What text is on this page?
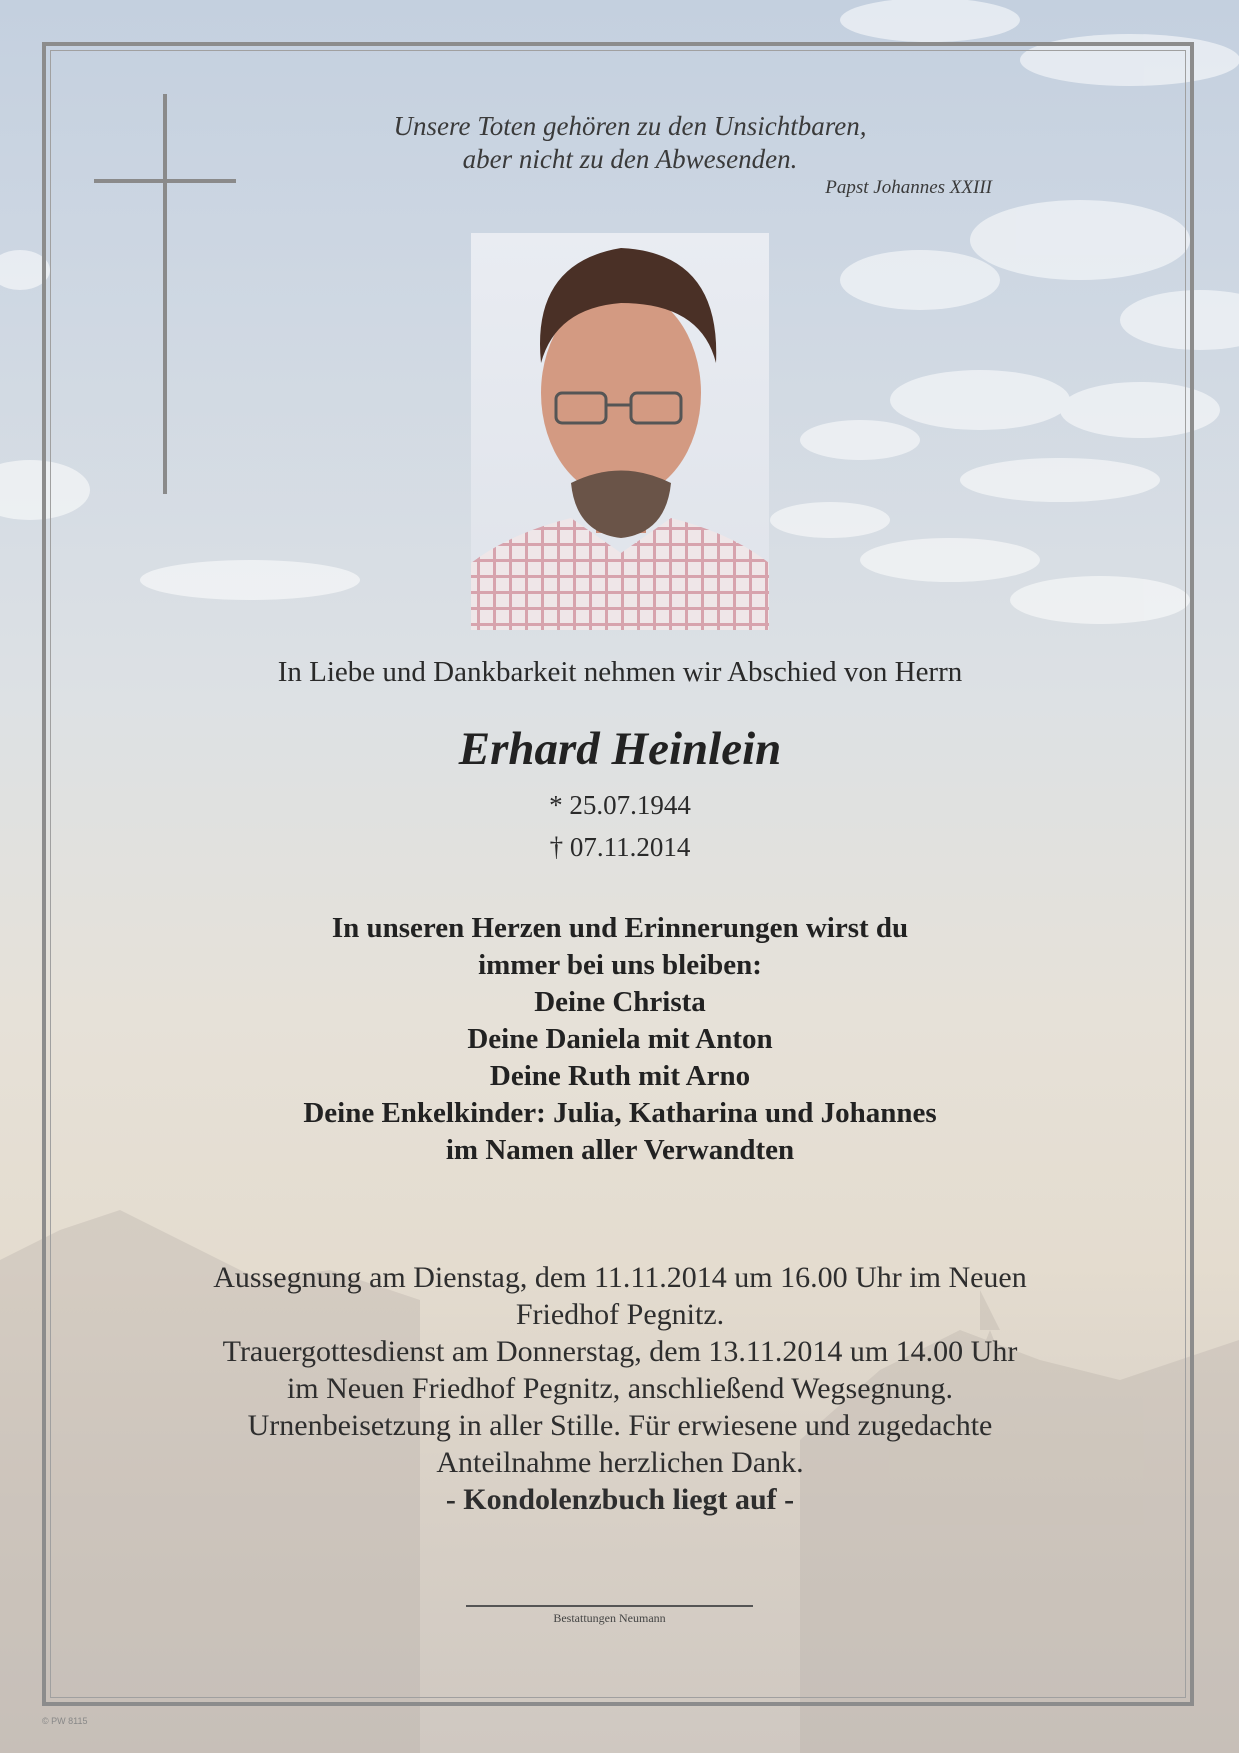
Unsere Toten gehören zu den Unsichtbaren,
aber nicht zu den Abwesenden.
Papst Johannes XXIII
In Liebe und Dankbarkeit nehmen wir Abschied von Herrn
Erhard Heinlein
* 25.07.1944
† 07.11.2014
In unseren Herzen und Erinnerungen wirst du
immer bei uns bleiben:
Deine Christa
Deine Daniela mit Anton
Deine Ruth mit Arno
Deine Enkelkinder: Julia, Katharina und Johannes
im Namen aller Verwandten
Aussegnung am Dienstag, dem 11.11.2014 um 16.00 Uhr im Neuen
Friedhof Pegnitz.
Trauergottesdienst am Donnerstag, dem 13.11.2014 um 14.00 Uhr
im Neuen Friedhof Pegnitz, anschließend Wegsegnung.
Urnenbeisetzung in aller Stille. Für erwiesene und zugedachte
Anteilnahme herzlichen Dank.
- Kondolenzbuch liegt auf -
Bestattungen Neumann
© PW 8115
